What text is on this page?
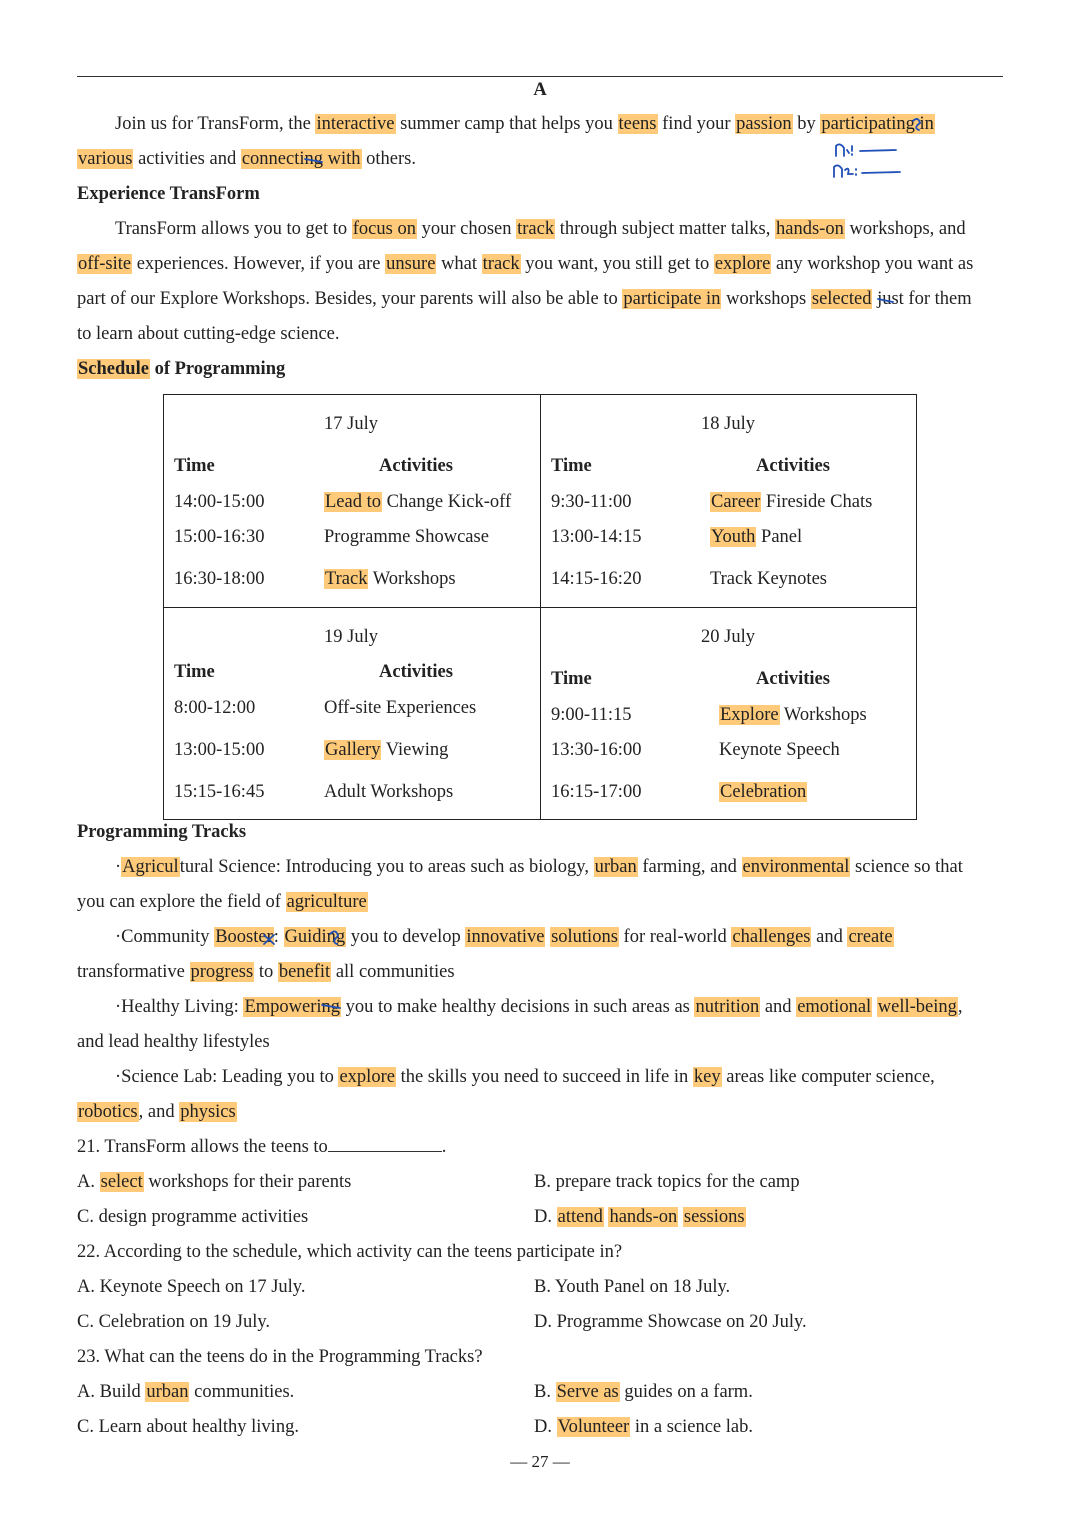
A
Join us for TransForm, the interactive summer camp that helps you teens find your passion by participating in
various activities and connecting with others.
Experience TransForm
TransForm allows you to get to focus on your chosen track through subject matter talks, hands-on workshops, and
off-site experiences. However, if you are unsure what track you want, you still get to explore any workshop you want as
part of our Explore Workshops. Besides, your parents will also be able to participate in workshops selected just for them
to learn about cutting-edge science.
Schedule of Programming
17 July
Time	Activities
14:00-15:00	Lead to Change Kick-off
15:00-16:30	Programme Showcase
16:30-18:00	Track Workshops
18 July
Time	Activities
9:30-11:00	Career Fireside Chats
13:00-14:15	Youth Panel
14:15-16:20	Track Keynotes
19 July
Time	Activities
8:00-12:00	Off-site Experiences
13:00-15:00	Gallery Viewing
15:15-16:45	Adult Workshops
20 July
Time	Activities
9:00-11:15	Explore Workshops
13:30-16:00	Keynote Speech
16:15-17:00	Celebration
Programming Tracks
·Agricultural Science: Introducing you to areas such as biology, urban farming, and environmental science so that
you can explore the field of agriculture
·Community Booster: Guiding you to develop innovative solutions for real-world challenges and create
transformative progress to benefit all communities
·Healthy Living: Empowering you to make healthy decisions in such areas as nutrition and emotional well-being,
and lead healthy lifestyles
·Science Lab: Leading you to explore the skills you need to succeed in life in key areas like computer science,
robotics, and physics
21. TransForm allows the teens to	.
A. select workshops for their parents	B. prepare track topics for the camp
C. design programme activities	D. attend hands-on sessions
22. According to the schedule, which activity can the teens participate in?
A. Keynote Speech on 17 July.	B. Youth Panel on 18 July.
C. Celebration on 19 July.	D. Programme Showcase on 20 July.
23. What can the teens do in the Programming Tracks?
A. Build urban communities.	B. Serve as guides on a farm.
C. Learn about healthy living.	D. Volunteer in a science lab.
— 27 —
